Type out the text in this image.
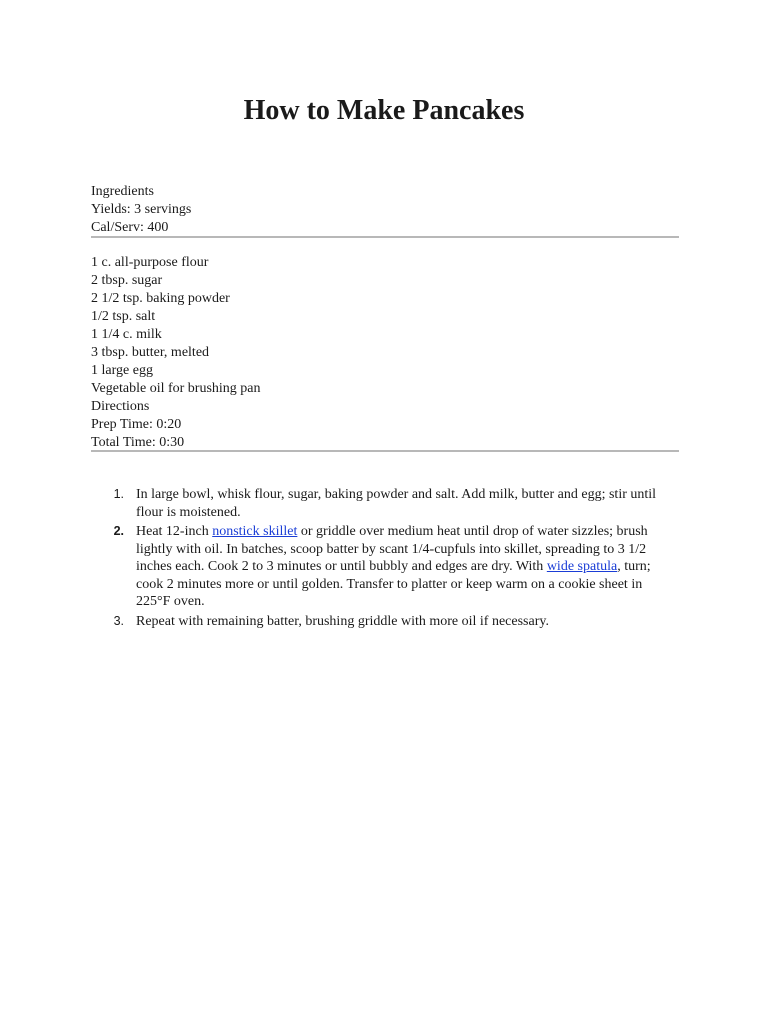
How to Make Pancakes
Ingredients
Yields: 3 servings
Cal/Serv: 400
1 c. all-purpose flour
2 tbsp. sugar
2 1/2 tsp. baking powder
1/2 tsp. salt
1 1/4 c. milk
3 tbsp. butter, melted
1 large egg
Vegetable oil for brushing pan
Directions
Prep Time: 0:20
Total Time: 0:30
1. In large bowl, whisk flour, sugar, baking powder and salt. Add milk, butter and egg; stir until flour is moistened.
2. Heat 12-inch nonstick skillet or griddle over medium heat until drop of water sizzles; brush lightly with oil. In batches, scoop batter by scant 1/4-cupfuls into skillet, spreading to 3 1/2 inches each. Cook 2 to 3 minutes or until bubbly and edges are dry. With wide spatula, turn; cook 2 minutes more or until golden. Transfer to platter or keep warm on a cookie sheet in 225°F oven.
3. Repeat with remaining batter, brushing griddle with more oil if necessary.
